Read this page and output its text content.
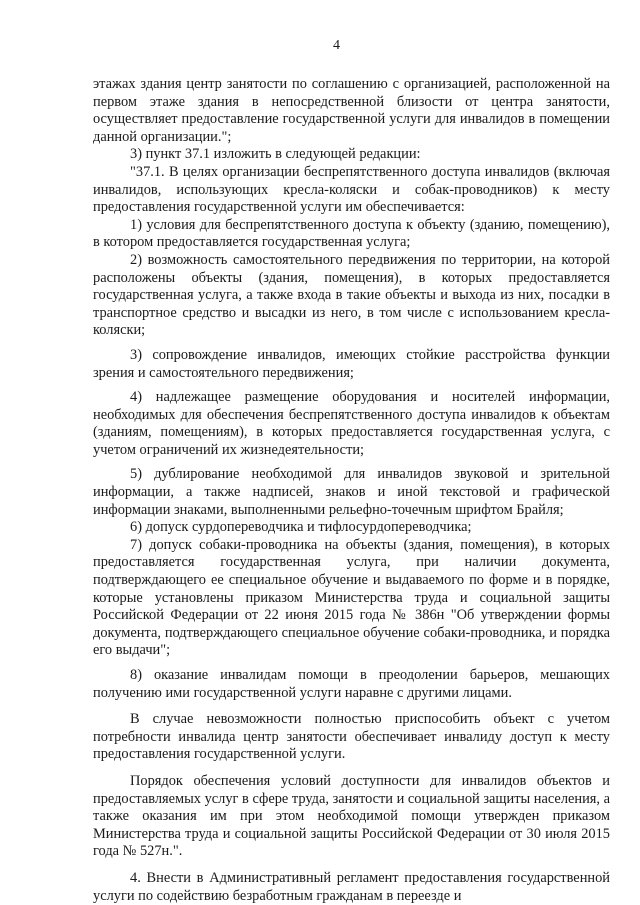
4

этажах здания центр занятости по соглашению с организацией, расположенной на первом этаже здания в непосредственной близости от центра занятости, осуществляет предоставление государственной услуги для инвалидов в помещении данной организации.";

3) пункт 37.1 изложить в следующей редакции:

"37.1. В целях организации беспрепятственного доступа инвалидов (включая инвалидов, использующих кресла-коляски и собак-проводников) к месту предоставления государственной услуги им обеспечивается:

1) условия для беспрепятственного доступа к объекту (зданию, помещению), в котором предоставляется государственная услуга;

2) возможность самостоятельного передвижения по территории, на которой расположены объекты (здания, помещения), в которых предоставляется государственная услуга, а также входа в такие объекты и выхода из них, посадки в транспортное средство и высадки из него, в том числе с использованием кресла-коляски;

3) сопровождение инвалидов, имеющих стойкие расстройства функции зрения и самостоятельного передвижения;

4) надлежащее размещение оборудования и носителей информации, необходимых для обеспечения беспрепятственного доступа инвалидов к объектам (зданиям, помещениям), в которых предоставляется государственная услуга, с учетом ограничений их жизнедеятельности;

5) дублирование необходимой для инвалидов звуковой и зрительной информации, а также надписей, знаков и иной текстовой и графической информации знаками, выполненными рельефно-точечным шрифтом Брайля;

6) допуск сурдопереводчика и тифлосурдопереводчика;

7) допуск собаки-проводника на объекты (здания, помещения), в которых предоставляется государственная услуга, при наличии документа, подтверждающего ее специальное обучение и выдаваемого по форме и в порядке, которые установлены приказом Министерства труда и социальной защиты Российской Федерации от 22 июня 2015 года № 386н "Об утверждении формы документа, подтверждающего специальное обучение собаки-проводника, и порядка его выдачи";

8) оказание инвалидам помощи в преодолении барьеров, мешающих получению ими государственной услуги наравне с другими лицами.

В случае невозможности полностью приспособить объект с учетом потребности инвалида центр занятости обеспечивает инвалиду доступ к месту предоставления государственной услуги.

Порядок обеспечения условий доступности для инвалидов объектов и предоставляемых услуг в сфере труда, занятости и социальной защиты населения, а также оказания им при этом необходимой помощи утвержден приказом Министерства труда и социальной защиты Российской Федерации от 30 июля 2015 года № 527н.".

4. Внести в Административный регламент предоставления государственной услуги по содействию безработным гражданам в переезде и
